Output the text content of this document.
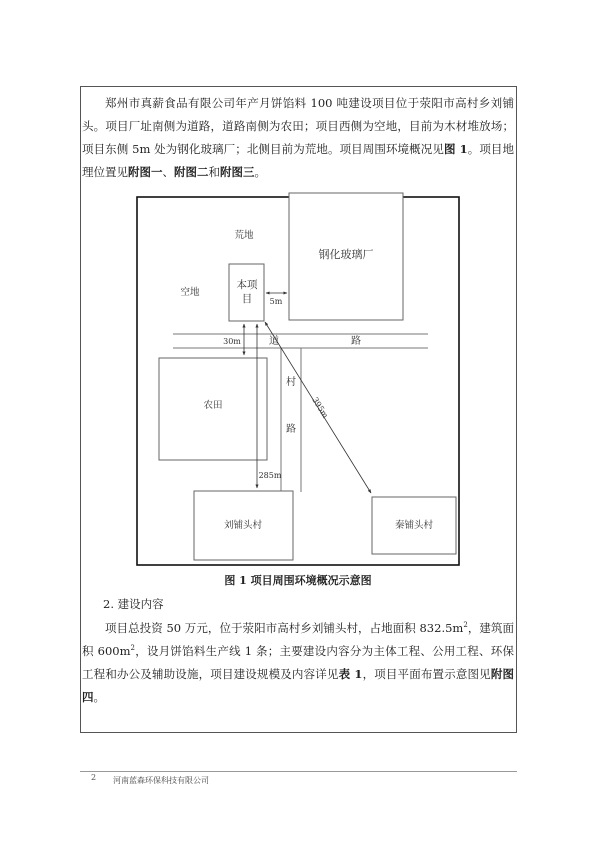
郑州市真薪食品有限公司年产月饼馅料 100 吨建设项目位于荥阳市高村乡刘铺头。项目厂址南侧为道路，道路南侧为农田；项目西侧为空地，目前为木材堆放场；项目东侧 5m 处为钢化玻璃厂；北侧目前为荒地。项目周围环境概况见图 1。项目地理位置见附图一、附图二和附图三。

荒地
钢化玻璃厂
本项
目
空地
5m
30m	道	路
村
路
农田	395m
285m
刘铺头村	秦铺头村
图 1 项目周围环境概况示意图
2. 建设内容

项目总投资 50 万元，位于荥阳市高村乡刘铺头村，占地面积 $832.5m^2$，建筑面积 $600m^2$，设月饼馅料生产线 1 条；主要建设内容分为主体工程、公用工程、环保工程和办公及辅助设施，项目建设规模及内容详见表 1，项目平面布置示意图见附图四。

2 河南蓝森环保科技有限公司
